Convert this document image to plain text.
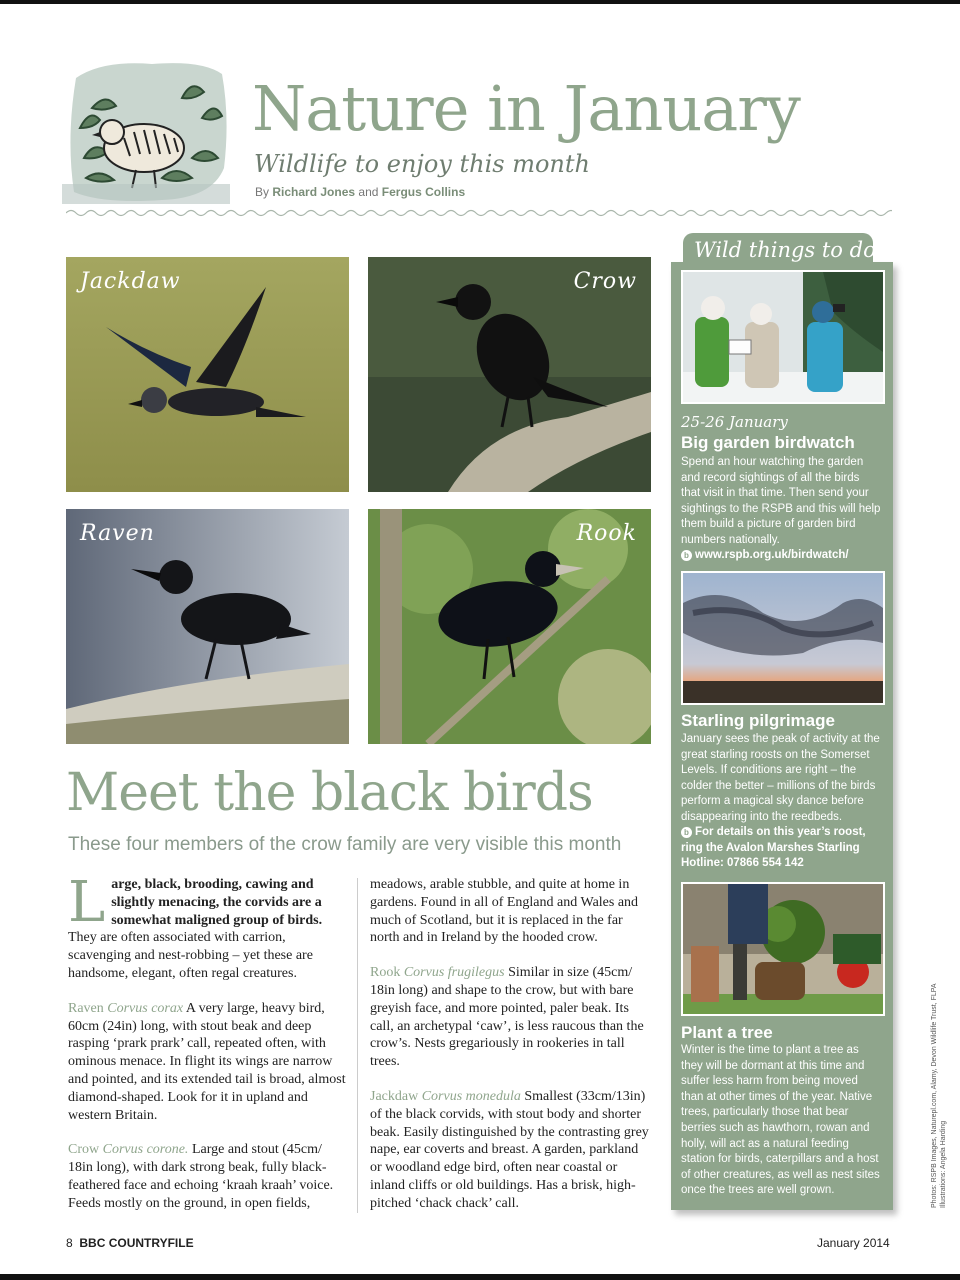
Nature in January
Wildlife to enjoy this month
By Richard Jones and Fergus Collins
Jackdaw	Crow
Raven	Rook
Meet the black birds
These four members of the crow family are very visible this month

Large, black, brooding, cawing and slightly menacing, the corvids are a somewhat maligned group of birds. They are often associated with carrion, scavenging and nest-robbing – yet these are handsome, elegant, often regal creatures.

Raven Corvus corax A very large, heavy bird, 60cm (24in) long, with stout beak and deep rasping ‘prark prark’ call, repeated often, with ominous menace. In flight its wings are narrow and pointed, and its extended tail is broad, almost diamond-shaped. Look for it in upland and western Britain.

Crow Corvus corone. Large and stout (45cm/ 18in long), with dark strong beak, fully black-feathered face and echoing ‘kraah kraah’ voice. Feeds mostly on the ground, in open fields,

meadows, arable stubble, and quite at home in gardens. Found in all of England and Wales and much of Scotland, but it is replaced in the far north and in Ireland by the hooded crow.

Rook Corvus frugilegus Similar in size (45cm/ 18in long) and shape to the crow, but with bare greyish face, and more pointed, paler beak. Its call, an archetypal ‘caw’, is less raucous than the crow’s. Nests gregariously in rookeries in tall trees.

Jackdaw Corvus monedula Smallest (33cm/13in) of the black corvids, with stout body and shorter beak. Easily distinguished by the contrasting grey nape, ear coverts and breast. A garden, parkland or woodland edge bird, often near coastal or inland cliffs or old buildings. Has a brisk, high-pitched ‘chack chack’ call.

Wild things to do...
25-26 January
Big garden birdwatch
Spend an hour watching the garden and record sightings of all the birds that visit in that time. Then send your sightings to the RSPB and this will help them build a picture of garden bird numbers nationally.
b www.rspb.org.uk/birdwatch/
Starling pilgrimage
January sees the peak of activity at the great starling roosts on the Somerset Levels. If conditions are right – the colder the better – millions of the birds perform a magical sky dance before disappearing into the reedbeds.
b For details on this year’s roost, ring the Avalon Marshes Starling Hotline: 07866 554 142
Plant a tree
Winter is the time to plant a tree as they will be dormant at this time and suffer less harm from being moved than at other times of the year. Native trees, particularly those that bear berries such as hawthorn, rowan and holly, will act as a natural feeding station for birds, caterpillars and a host of other creatures, as well as nest sites once the trees are well grown.	Photos: RSPB Images, Naturepl.com, Alamy, Devon Wildlife Trust, FLPA Illustrations: Angela Harding
8 BBC COUNTRYFILE	January 2014
